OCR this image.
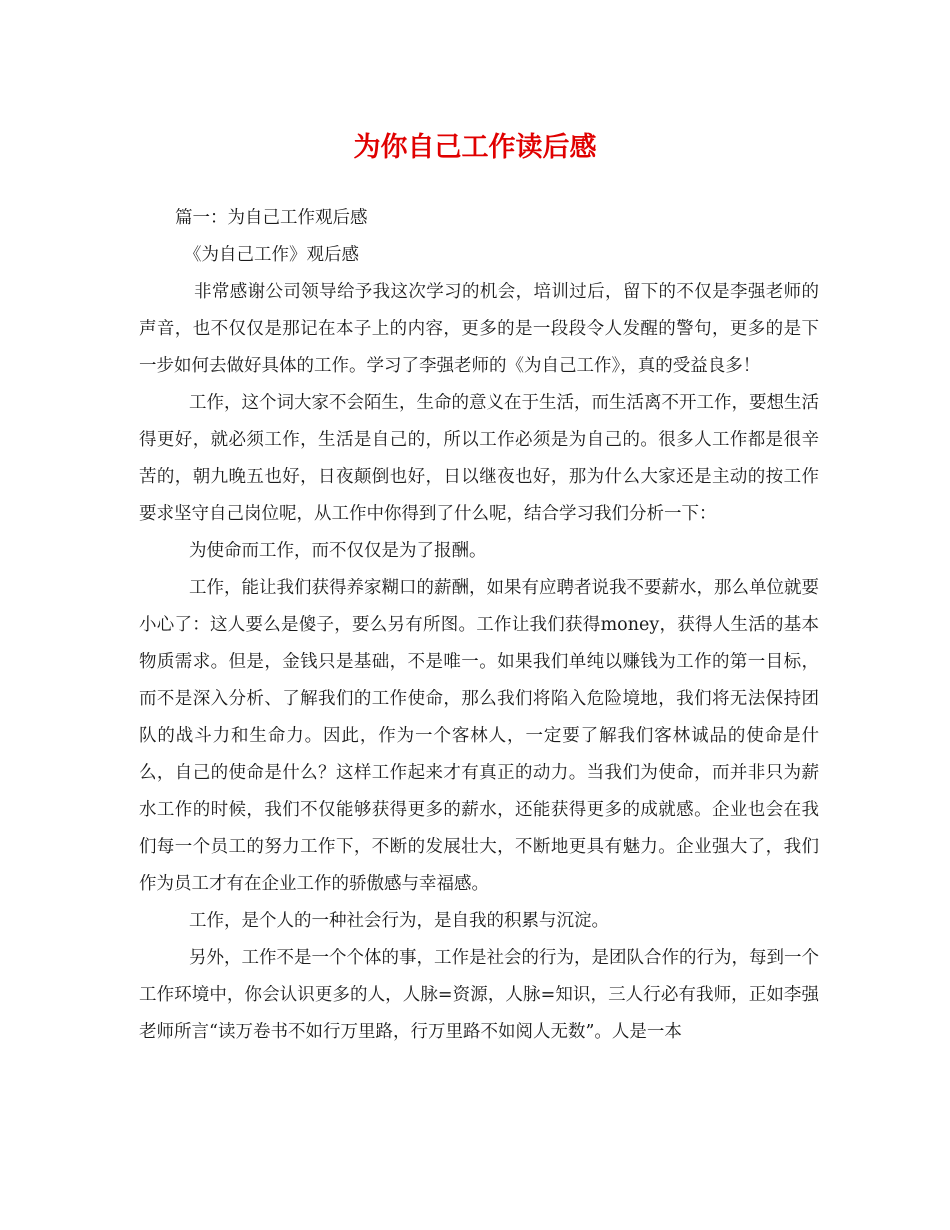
为你自己工作读后感

篇一：为自己工作观后感

《为自己工作》观后感

非常感谢公司领导给予我这次学习的机会，培训过后，留下的不仅是李强老师的声音，也不仅仅是那记在本子上的内容，更多的是一段段令人发醒的警句，更多的是下一步如何去做好具体的工作。学习了李强老师的《为自己工作》，真的受益良多！

工作，这个词大家不会陌生，生命的意义在于生活，而生活离不开工作，要想生活得更好，就必须工作，生活是自己的，所以工作必须是为自己的。很多人工作都是很辛苦的，朝九晚五也好，日夜颠倒也好，日以继夜也好，那为什么大家还是主动的按工作要求坚守自己岗位呢，从工作中你得到了什么呢，结合学习我们分析一下：

为使命而工作，而不仅仅是为了报酬。

工作，能让我们获得养家糊口的薪酬，如果有应聘者说我不要薪水，那么单位就要小心了：这人要么是傻子，要么另有所图。工作让我们获得money，获得人生活的基本物质需求。但是，金钱只是基础，不是唯一。如果我们单纯以赚钱为工作的第一目标，而不是深入分析、了解我们的工作使命，那么我们将陷入危险境地，我们将无法保持团队的战斗力和生命力。因此，作为一个客林人，一定要了解我们客林诚品的使命是什么，自己的使命是什么？这样工作起来才有真正的动力。当我们为使命，而并非只为薪水工作的时候，我们不仅能够获得更多的薪水，还能获得更多的成就感。企业也会在我们每一个员工的努力工作下，不断的发展壮大，不断地更具有魅力。企业强大了，我们作为员工才有在企业工作的骄傲感与幸福感。

工作，是个人的一种社会行为，是自我的积累与沉淀。

另外，工作不是一个个体的事，工作是社会的行为，是团队合作的行为，每到一个工作环境中，你会认识更多的人，人脉=资源，人脉=知识，三人行必有我师，正如李强老师所言“读万卷书不如行万里路，行万里路不如阅人无数”。人是一本
